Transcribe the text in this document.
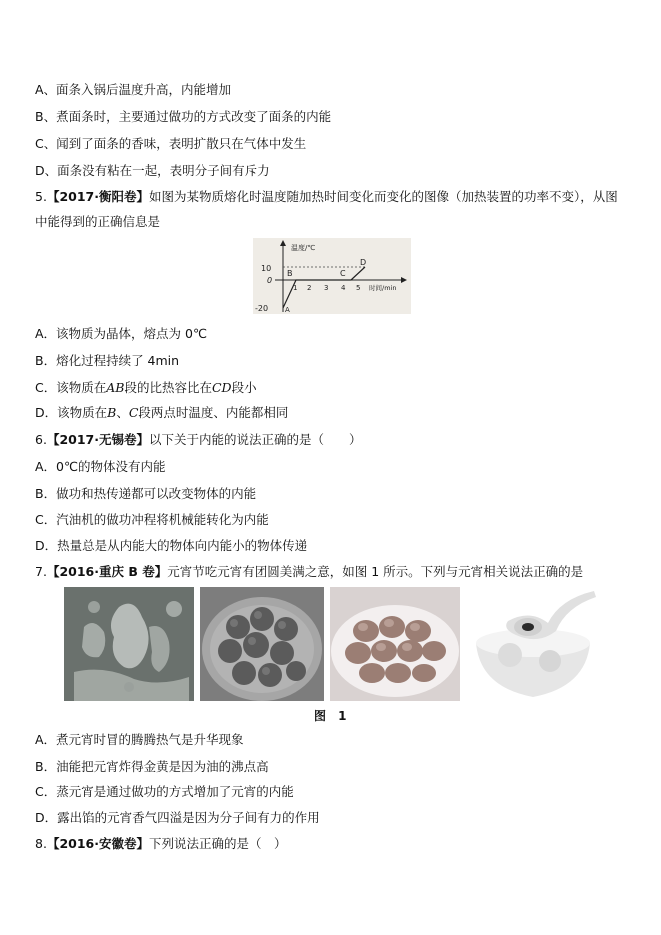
A、面条入锅后温度升高，内能增加
B、煮面条时，主要通过做功的方式改变了面条的内能
C、闻到了面条的香味，表明扩散只在气体中发生
D、面条没有粘在一起，表明分子间有斥力
5.【2017·衡阳卷】如图为某物质熔化时温度随加热时间变化而变化的图像（加热装置的功率不变），从图
中能得到的正确信息是
温度/℃
时间/min
10
0
-20
1 2 3 4 5
A
B	C
D
A．该物质为晶体，熔点为 0℃
B．熔化过程持续了 4min
C．该物质在AB段的比热容比在CD段小
D．该物质在B、C段两点时温度、内能都相同
6.【2017·无锡卷】以下关于内能的说法正确的是（　　）
A．0℃的物体没有内能
B．做功和热传递都可以改变物体的内能
C．汽油机的做功冲程将机械能转化为内能
D．热量总是从内能大的物体向内能小的物体传递
7.【2016·重庆 B 卷】元宵节吃元宵有团圆美满之意，如图 1 所示。下列与元宵相关说法正确的是
图 1
A．煮元宵时冒的腾腾热气是升华现象
B．油能把元宵炸得金黄是因为油的沸点高
C．蒸元宵是通过做功的方式增加了元宵的内能
D．露出馅的元宵香气四溢是因为分子间有力的作用
8.【2016·安徽卷】下列说法正确的是（　）
